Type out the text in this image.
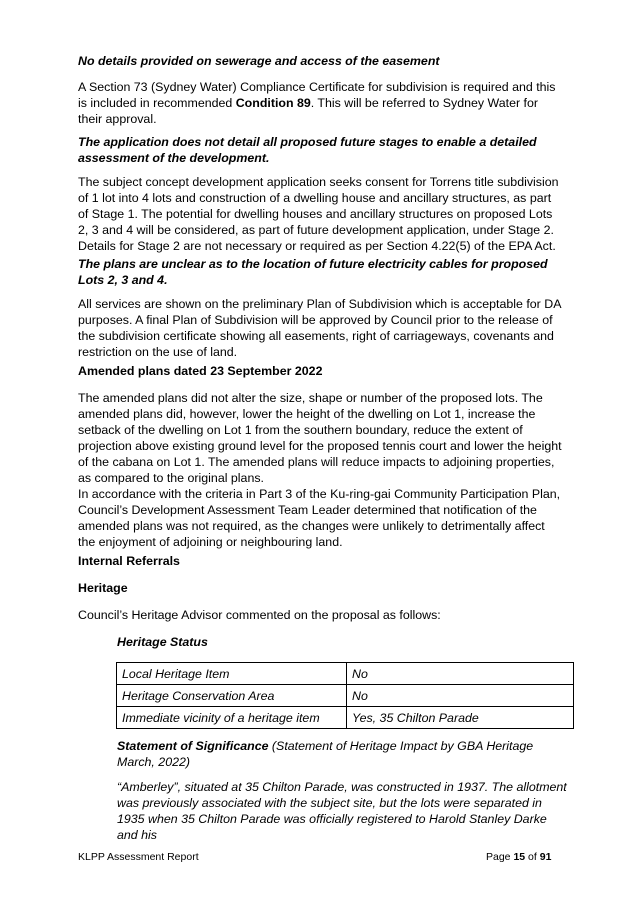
No details provided on sewerage and access of the easement

A Section 73 (Sydney Water) Compliance Certificate for subdivision is required and this is included in recommended Condition 89. This will be referred to Sydney Water for their approval.

The application does not detail all proposed future stages to enable a detailed assessment of the development.

The subject concept development application seeks consent for Torrens title subdivision of 1 lot into 4 lots and construction of a dwelling house and ancillary structures, as part of Stage 1. The potential for dwelling houses and ancillary structures on proposed Lots 2, 3 and 4 will be considered, as part of future development application, under Stage 2. Details for Stage 2 are not necessary or required as per Section 4.22(5) of the EPA Act.

The plans are unclear as to the location of future electricity cables for proposed Lots 2, 3 and 4.

All services are shown on the preliminary Plan of Subdivision which is acceptable for DA purposes. A final Plan of Subdivision will be approved by Council prior to the release of the subdivision certificate showing all easements, right of carriageways, covenants and restriction on the use of land.

Amended plans dated 23 September 2022

The amended plans did not alter the size, shape or number of the proposed lots. The amended plans did, however, lower the height of the dwelling on Lot 1, increase the setback of the dwelling on Lot 1 from the southern boundary, reduce the extent of projection above existing ground level for the proposed tennis court and lower the height of the cabana on Lot 1. The amended plans will reduce impacts to adjoining properties, as compared to the original plans.

In accordance with the criteria in Part 3 of the Ku-ring-gai Community Participation Plan, Council’s Development Assessment Team Leader determined that notification of the amended plans was not required, as the changes were unlikely to detrimentally affect the enjoyment of adjoining or neighbouring land.

Internal Referrals

Heritage

Council’s Heritage Advisor commented on the proposal as follows:

Heritage Status

Local Heritage Item	No
Heritage Conservation Area	No
Immediate vicinity of a heritage item	Yes, 35 Chilton Parade

Statement of Significance (Statement of Heritage Impact by GBA Heritage March, 2022)

“Amberley”, situated at 35 Chilton Parade, was constructed in 1937. The allotment was previously associated with the subject site, but the lots were separated in 1935 when 35 Chilton Parade was officially registered to Harold Stanley Darke and his

KLPP Assessment Report	Page 15 of 91
